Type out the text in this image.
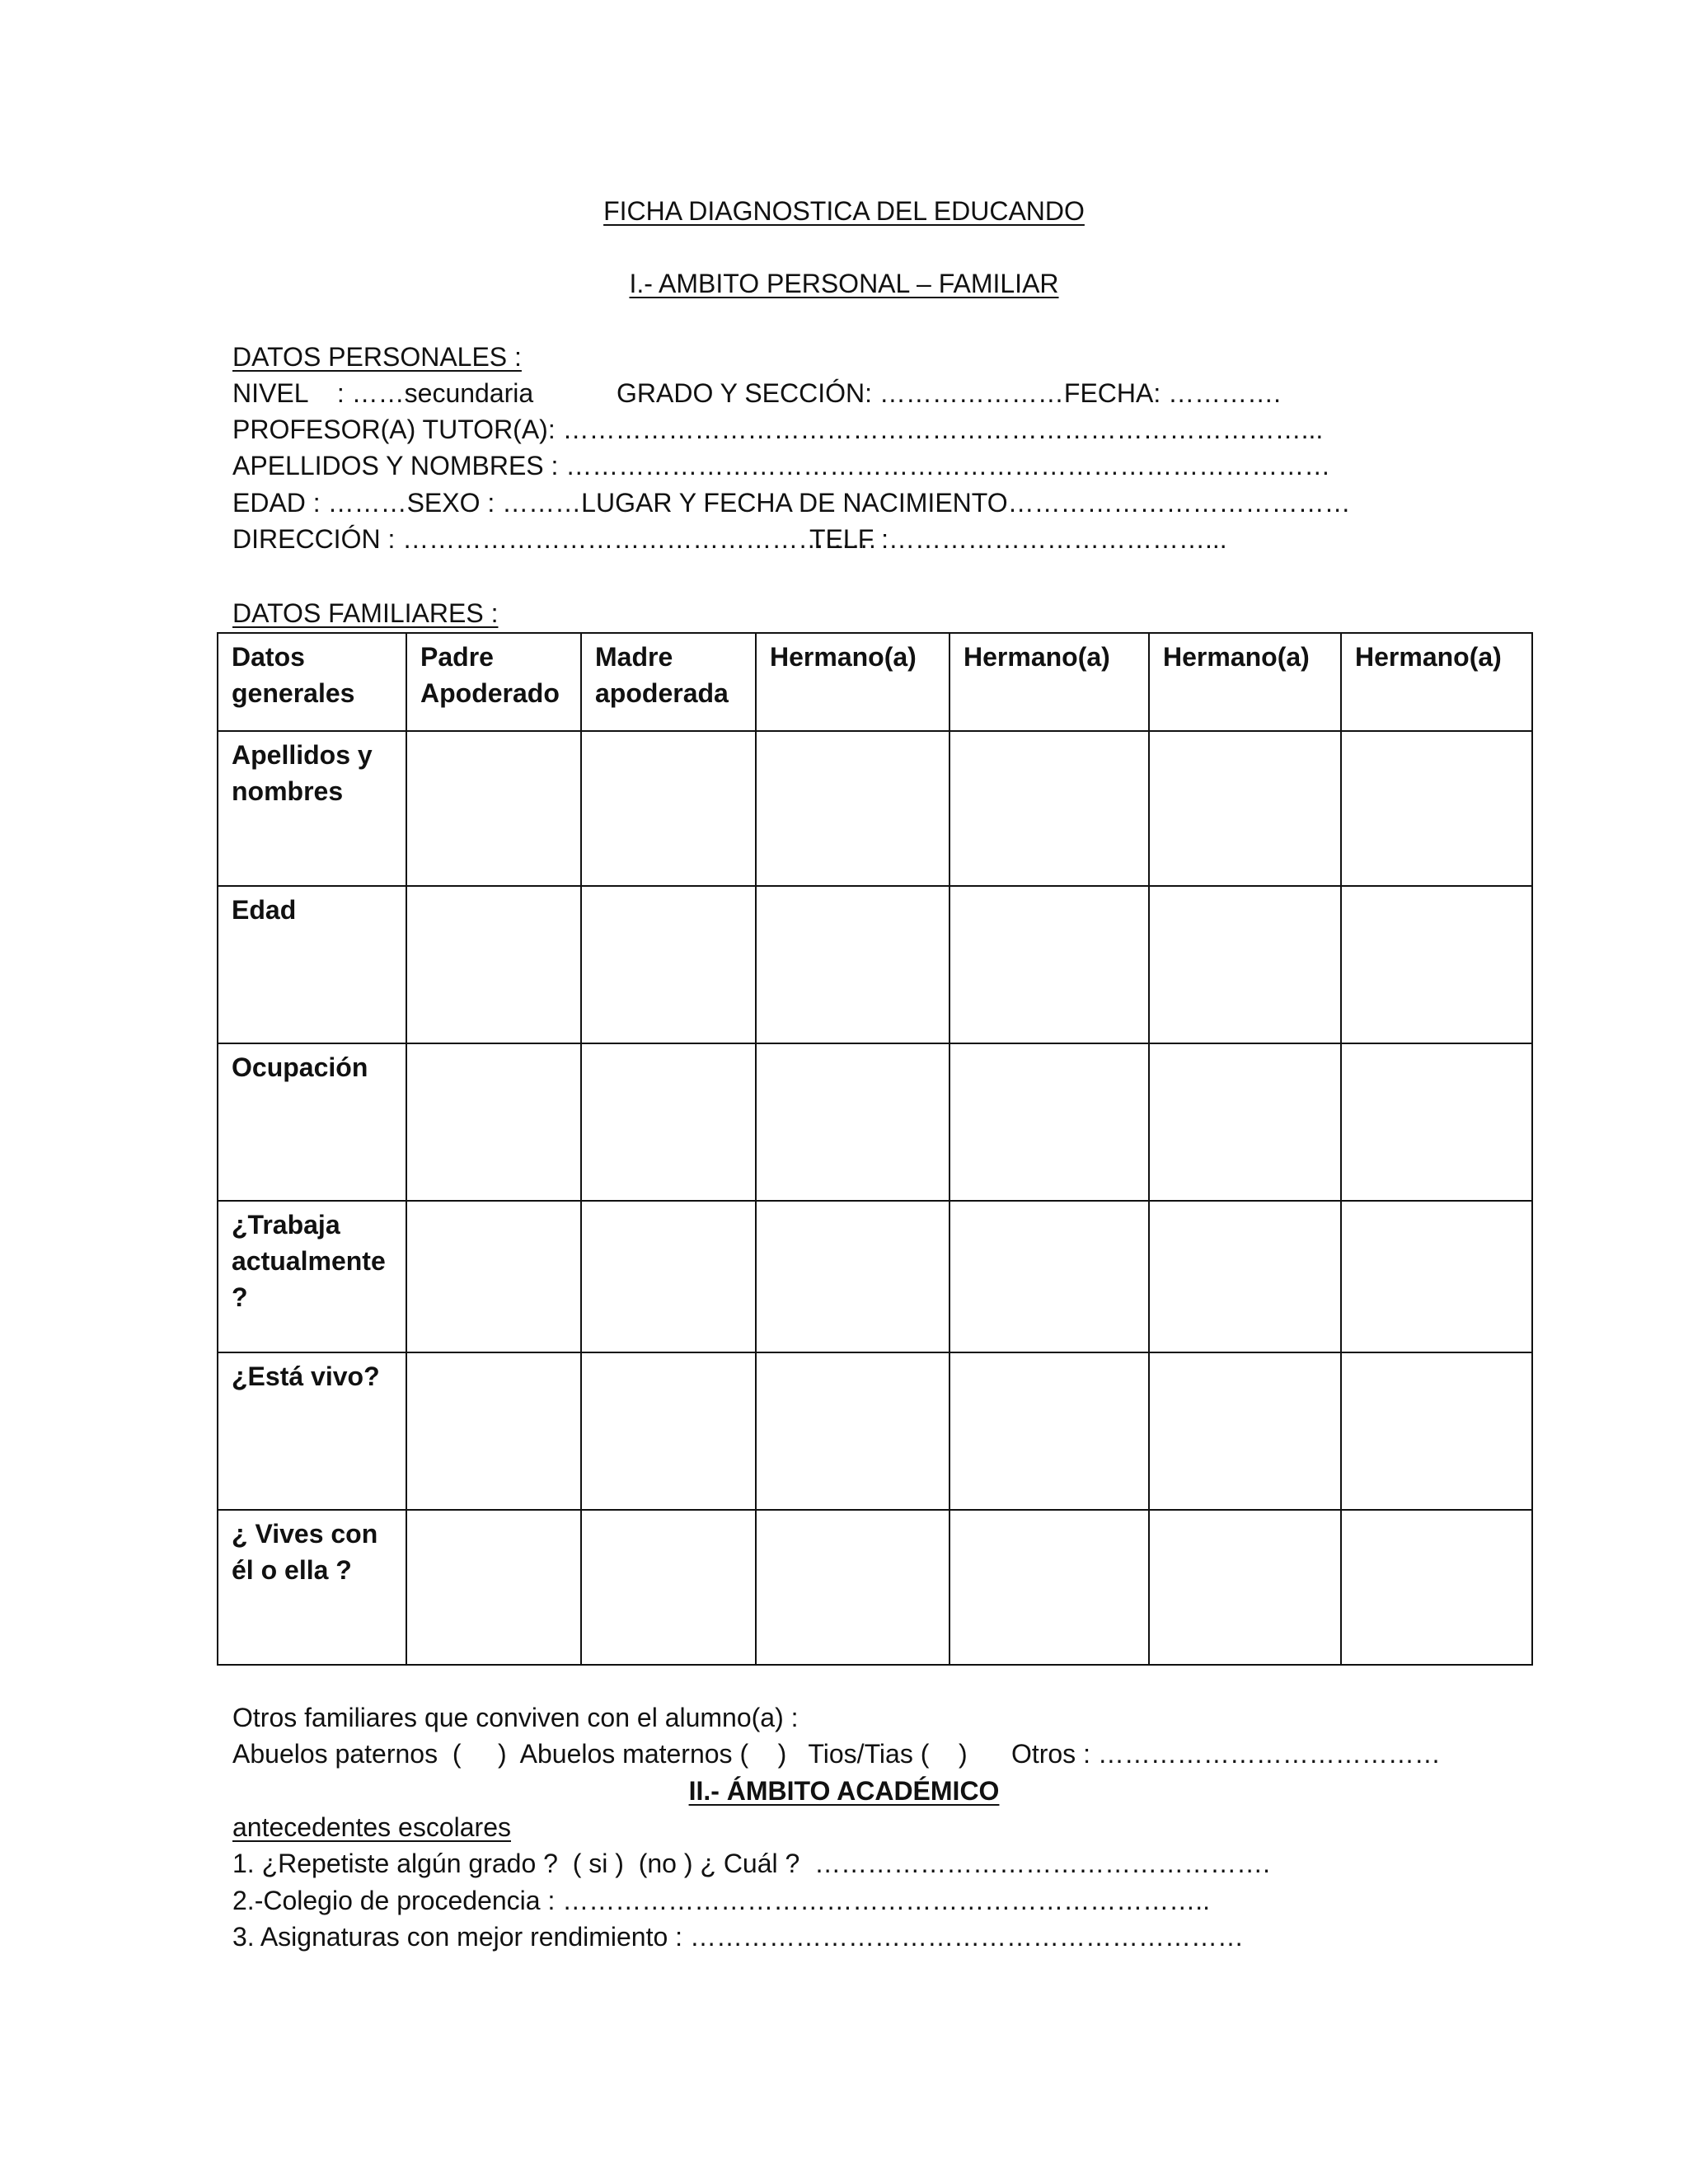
FICHA DIAGNOSTICA DEL EDUCANDO
I.- AMBITO PERSONAL – FAMILIAR
DATOS PERSONALES :
NIVEL    : ……secundaria	GRADO Y SECCIÓN: …………………FECHA: ………….
PROFESOR(A) TUTOR(A): …………………………………………………………………………...
APELLIDOS Y NOMBRES : ……………………………………………………………………………
EDAD : ………SEXO : ………LUGAR Y FECHA DE NACIMIENTO…………………………………
DIRECCIÓN : ………………………………………………
TELF :………………………………...
DATOS FAMILIARES :
Datos generales	Padre Apoderado	Madre apoderada	Hermano(a)	Hermano(a)	Hermano(a)	Hermano(a)
Apellidos y nombres						
Edad						
Ocupación						
¿Trabaja actualmente ?						
¿Está vivo?						
¿ Vives con él o ella ?						
Otros familiares que conviven con el alumno(a) :
Abuelos paternos  (     )  Abuelos maternos (    )   Tios/Tias (    )      Otros : …………………………………
II.- ÁMBITO ACADÉMICO
antecedentes escolares
1. ¿Repetiste algún grado ?  ( si )  (no ) ¿ Cuál ?  …………………………………………….
2.-Colegio de procedencia : ………………………………………………………………..
3. Asignaturas con mejor rendimiento : ………………………………………………………
